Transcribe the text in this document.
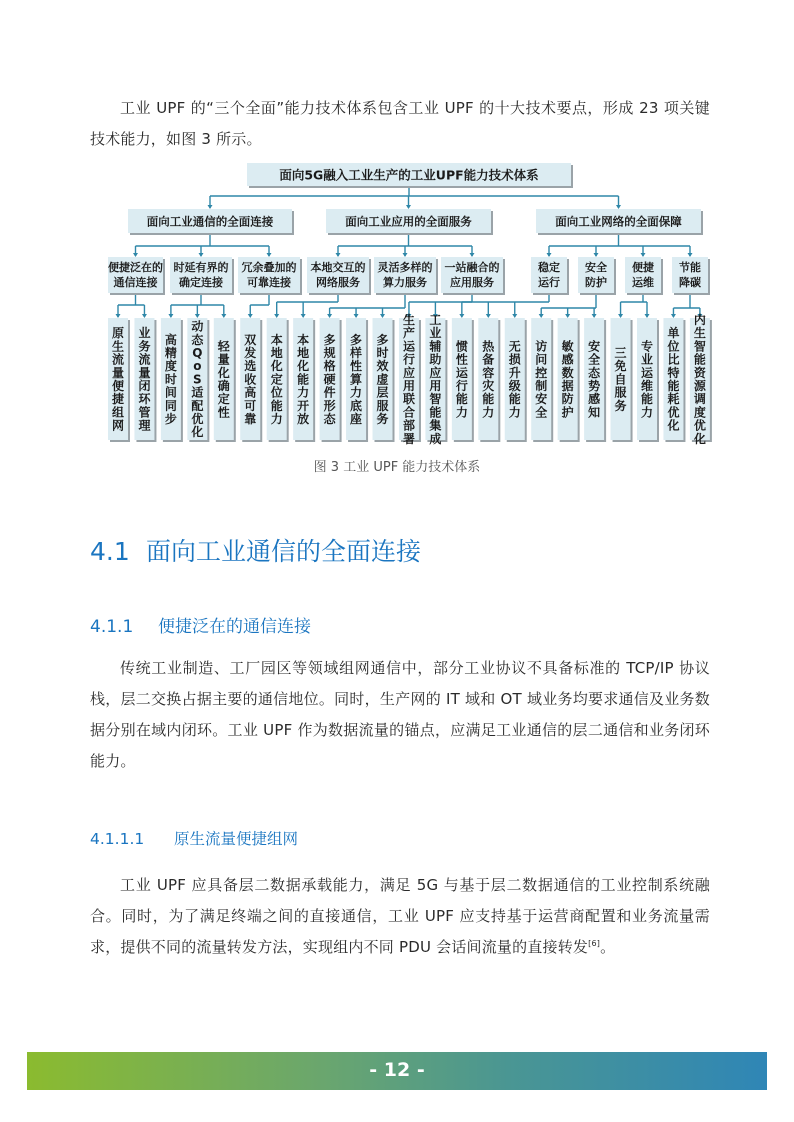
工业 UPF 的“三个全面”能力技术体系包含工业 UPF 的十大技术要点，形成 23 项关键技术能力，如图 3 所示。

面向5G融入工业生产的工业UPF能力技术体系
面向工业通信的全面连接
便捷泛在的
通信连接
原生流量便捷组网
业务流量闭环管理
时延有界的
确定连接
高精度时间同步
动态 Q o S 适配优化
轻量化确定性
冗余叠加的
可靠连接
双发选收高可靠
面向工业应用的全面服务
本地交互的
网络服务
本地化定位能力
本地化能力开放
灵活多样的
算力服务
多规格硬件形态
多样性算力底座
多时效虚层服务
一站融合的
应用服务
生产运行应用联合部署
工业辅助应用智能集成
面向工业网络的全面保障
稳定
运行
惯性运行能力
热备容灾能力
无损升级能力
安全
防护
访问控制安全
敏感数据防护
安全态势感知
便捷
运维
三免自服务
专业运维能力
节能
降碳
单位比特能耗优化
内生智能资源调度优化
图 3 工业 UPF 能力技术体系
4.1 面向工业通信的全面连接
4.1.1 便捷泛在的通信连接

传统工业制造、工厂园区等领域组网通信中，部分工业协议不具备标准的 TCP/IP 协议栈，层二交换占据主要的通信地位。同时，生产网的 IT 域和 OT 域业务均要求通信及业务数据分别在域内闭环。工业 UPF 作为数据流量的锚点，应满足工业通信的层二通信和业务闭环能力。

4.1.1.1 原生流量便捷组网

工业 UPF 应具备层二数据承载能力，满足 5G 与基于层二数据通信的工业控制系统融合。同时，为了满足终端之间的直接通信，工业 UPF 应支持基于运营商配置和业务流量需求，提供不同的流量转发方法，实现组内不同 PDU 会话间流量的直接转发[6]。

- 12 -
